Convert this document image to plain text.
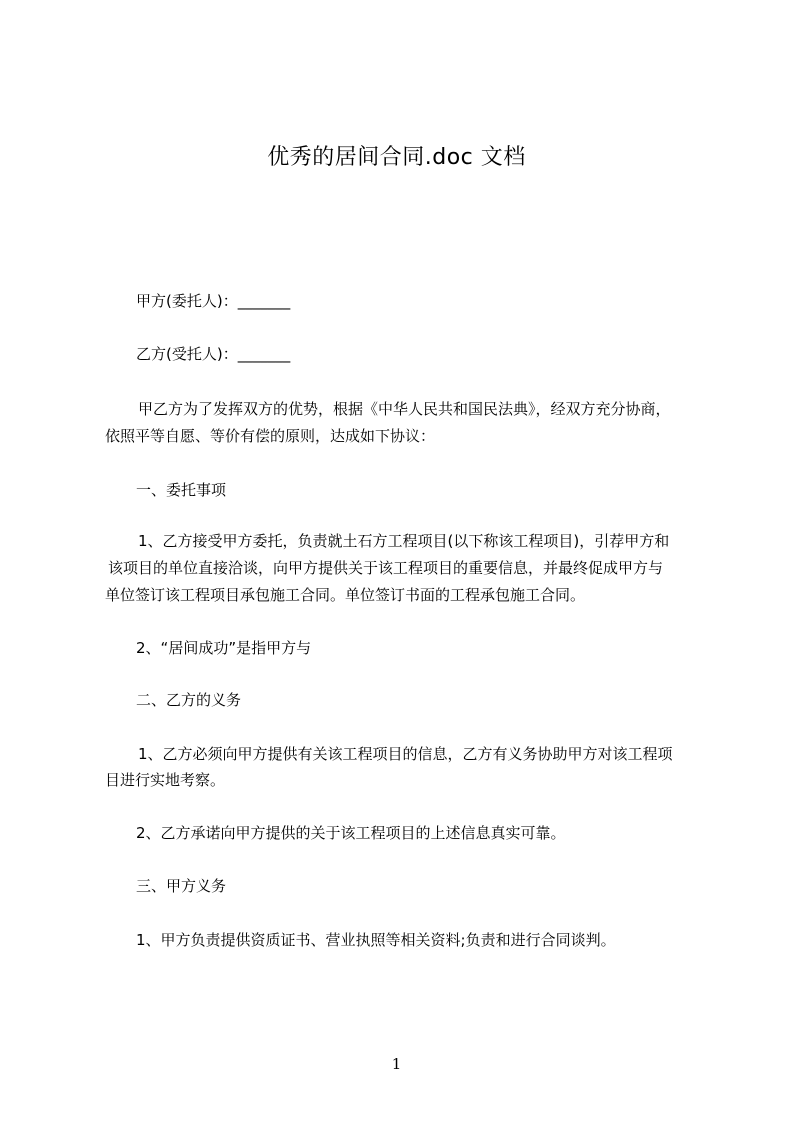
优秀的居间合同.doc 文档
甲方(委托人)：_______
乙方(受托人)：_______
甲乙方为了发挥双方的优势，根据《中华人民共和国民法典》，经双方充分协商，
依照平等自愿、等价有偿的原则，达成如下协议：
一、委托事项
1、乙方接受甲方委托，负责就土石方工程项目(以下称该工程项目)，引荐甲方和
该项目的单位直接洽谈，向甲方提供关于该工程项目的重要信息，并最终促成甲方与
单位签订该工程项目承包施工合同。单位签订书面的工程承包施工合同。
2、“居间成功”是指甲方与
二、乙方的义务
1、乙方必须向甲方提供有关该工程项目的信息，乙方有义务协助甲方对该工程项
目进行实地考察。
2、乙方承诺向甲方提供的关于该工程项目的上述信息真实可靠。
三、甲方义务
1、甲方负责提供资质证书、营业执照等相关资料;负责和进行合同谈判。
1
